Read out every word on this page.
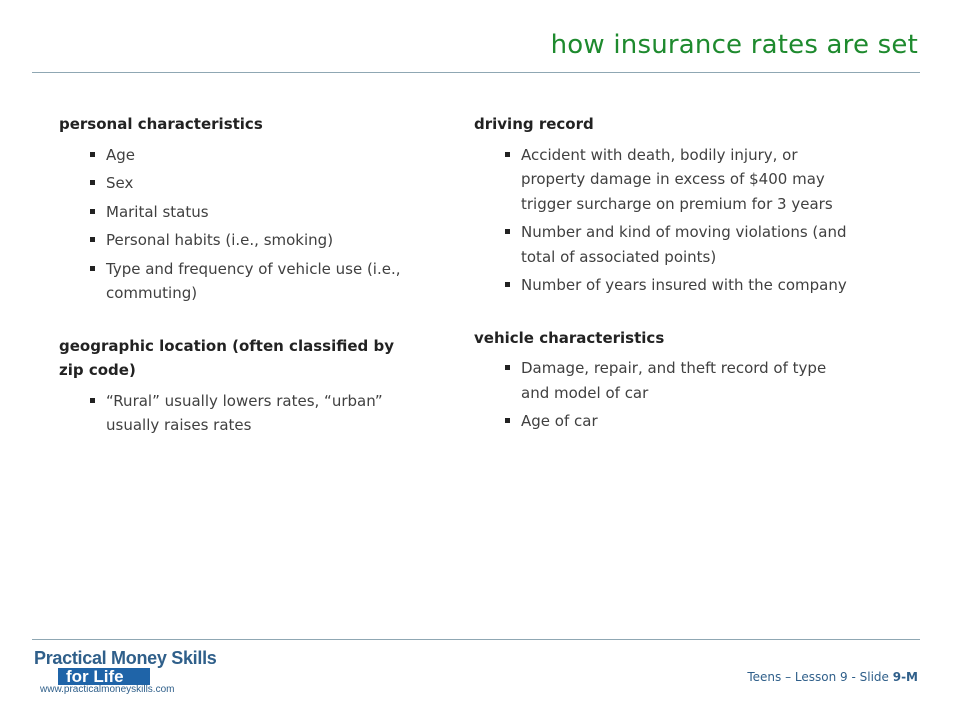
how insurance rates are set
personal characteristics
Age
Sex
Marital status
Personal habits (i.e., smoking)
Type and frequency of vehicle use (i.e., commuting)
geographic location (often classified by zip code)
“Rural” usually lowers rates, “urban” usually raises rates
driving record
Accident with death, bodily injury, or property damage in excess of $400 may trigger surcharge on premium for 3 years
Number and kind of moving violations (and total of associated points)
Number of years insured with the company
vehicle characteristics
Damage, repair, and theft record of type and model of car
Age of car
Practical Money Skills
for Life
www.practicalmoneyskills.com
Teens – Lesson 9 - Slide 9-M
